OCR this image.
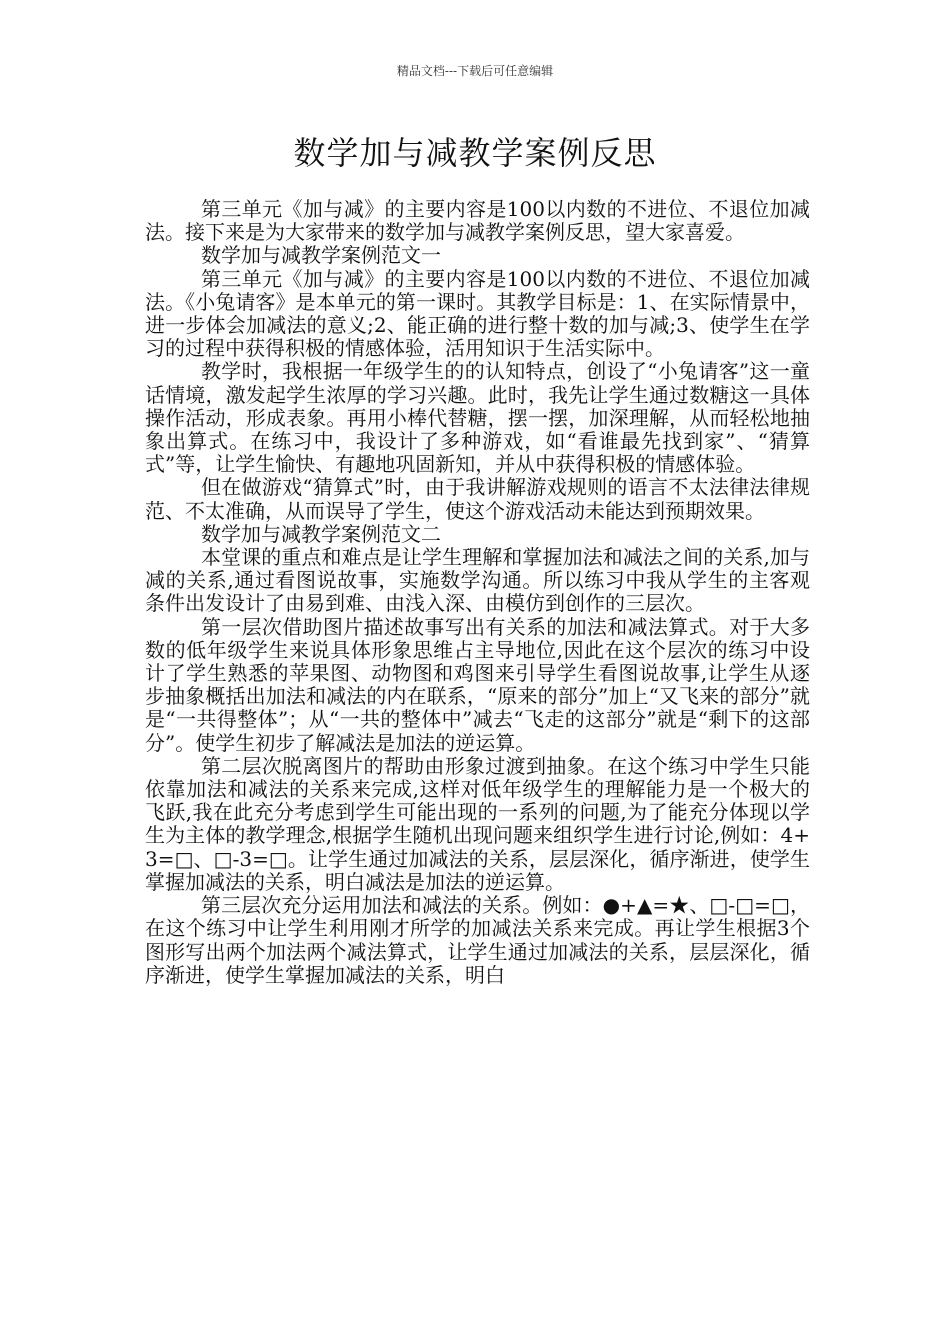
精品文档---下载后可任意编辑
数学加与减教学案例反思

第三单元《加与减》的主要内容是100以内数的不进位、不退位加减法。接下来是为大家带来的数学加与减教学案例反思，望大家喜爱。

数学加与减教学案例范文一

第三单元《加与减》的主要内容是100以内数的不进位、不退位加减法。《小兔请客》是本单元的第一课时。其教学目标是：1、在实际情景中，进一步体会加减法的意义;2、能正确的进行整十数的加与减;3、使学生在学习的过程中获得积极的情感体验，活用知识于生活实际中。

教学时，我根据一年级学生的的认知特点，创设了“小兔请客”这一童话情境，激发起学生浓厚的学习兴趣。此时，我先让学生通过数糖这一具体操作活动，形成表象。再用小棒代替糖，摆一摆，加深理解，从而轻松地抽象出算式。在练习中，我设计了多种游戏，如“看谁最先找到家”、“猜算式”等，让学生愉快、有趣地巩固新知，并从中获得积极的情感体验。

但在做游戏“猜算式”时，由于我讲解游戏规则的语言不太法律法律规范、不太准确，从而误导了学生，使这个游戏活动未能达到预期效果。

数学加与减教学案例范文二

本堂课的重点和难点是让学生理解和掌握加法和减法之间的关系,加与减的关系,通过看图说故事，实施数学沟通。所以练习中我从学生的主客观条件出发设计了由易到难、由浅入深、由模仿到创作的三层次。

第一层次借助图片描述故事写出有关系的加法和减法算式。对于大多数的低年级学生来说具体形象思维占主导地位,因此在这个层次的练习中设计了学生熟悉的苹果图、动物图和鸡图来引导学生看图说故事,让学生从逐步抽象概括出加法和减法的内在联系，“原来的部分”加上“又飞来的部分”就是“一共得整体”；从“一共的整体中”减去“飞走的这部分”就是“剩下的这部分”。使学生初步了解减法是加法的逆运算。

第二层次脱离图片的帮助由形象过渡到抽象。在这个练习中学生只能依靠加法和减法的关系来完成,这样对低年级学生的理解能力是一个极大的飞跃,我在此充分考虑到学生可能出现的一系列的问题,为了能充分体现以学生为主体的教学理念,根据学生随机出现问题来组织学生进行讨论,例如：4+3=□、□-3=□。让学生通过加减法的关系，层层深化，循序渐进，使学生掌握加减法的关系，明白减法是加法的逆运算。

第三层次充分运用加法和减法的关系。例如：●+▲=★、□-□=□，在这个练习中让学生利用刚才所学的加减法关系来完成。再让学生根据3个图形写出两个加法两个减法算式，让学生通过加减法的关系，层层深化，循序渐进，使学生掌握加减法的关系，明白
